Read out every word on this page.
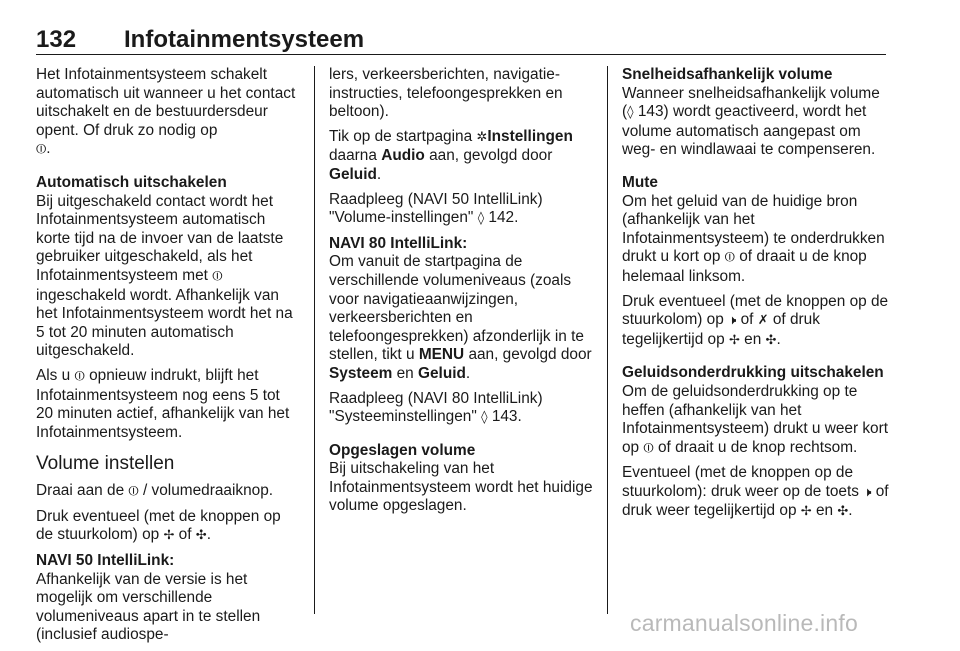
132 Infotainmentsysteem

Het Infotainmentsysteem schakelt automatisch uit wanneer u het contact uitschakelt en de bestuurdersdeur opent. Of druk zo nodig op
⏼.

Automatisch uitschakelen

Bij uitgeschakeld contact wordt het Infotainmentsysteem automatisch korte tijd na de invoer van de laatste gebruiker uitgeschakeld, als het Infotainmentsysteem met ⏼ ingeschakeld wordt. Afhankelijk van het Infotainmentsysteem wordt het na 5 tot 20 minuten automatisch uitgeschakeld.

Als u ⏼ opnieuw indrukt, blijft het Infotainmentsysteem nog eens 5 tot 20 minuten actief, afhankelijk van het Infotainmentsysteem.

Volume instellen

Draai aan de ⏼ / volumedraaiknop.

Druk eventueel (met de knoppen op de stuurkolom) op ✢ of ✣.

NAVI 50 IntelliLink:

Afhankelijk van de versie is het mogelijk om verschillende volumeniveaus apart in te stellen (inclusief audiospe-

lers, verkeersberichten, navigatie-instructies, telefoongesprekken en beltoon).

Tik op de startpagina ✲Instellingen daarna Audio aan, gevolgd door Geluid.

Raadpleeg (NAVI 50 IntelliLink) "Volume-instellingen" ◊ 142.

NAVI 80 IntelliLink:

Om vanuit de startpagina de verschillende volumeniveaus (zoals voor navigatieaanwijzingen, verkeersberichten en telefoongesprekken) afzonderlijk in te stellen, tikt u MENU aan, gevolgd door Systeem en Geluid.

Raadpleeg (NAVI 80 IntelliLink) "Systeeminstellingen" ◊ 143.

Opgeslagen volume

Bij uitschakeling van het Infotainmentsysteem wordt het huidige volume opgeslagen.

Snelheidsafhankelijk volume

Wanneer snelheidsafhankelijk volume (◊ 143) wordt geactiveerd, wordt het volume automatisch aangepast om weg- en windlawaai te compenseren.

Mute

Om het geluid van de huidige bron (afhankelijk van het Infotainmentsysteem) te onderdrukken drukt u kort op ⏼ of draait u de knop helemaal linksom.

Druk eventueel (met de knoppen op de stuurkolom) op 🕨 of ✗ of druk tegelijkertijd op ✢ en ✣.

Geluidsonderdrukking uitschakelen

Om de geluidsonderdrukking op te heffen (afhankelijk van het Infotainmentsysteem) drukt u weer kort op ⏼ of draait u de knop rechtsom.

Eventueel (met de knoppen op de stuurkolom): druk weer op de toets 🕨 of druk weer tegelijkertijd op ✢ en ✣.

carmanualsonline.info
